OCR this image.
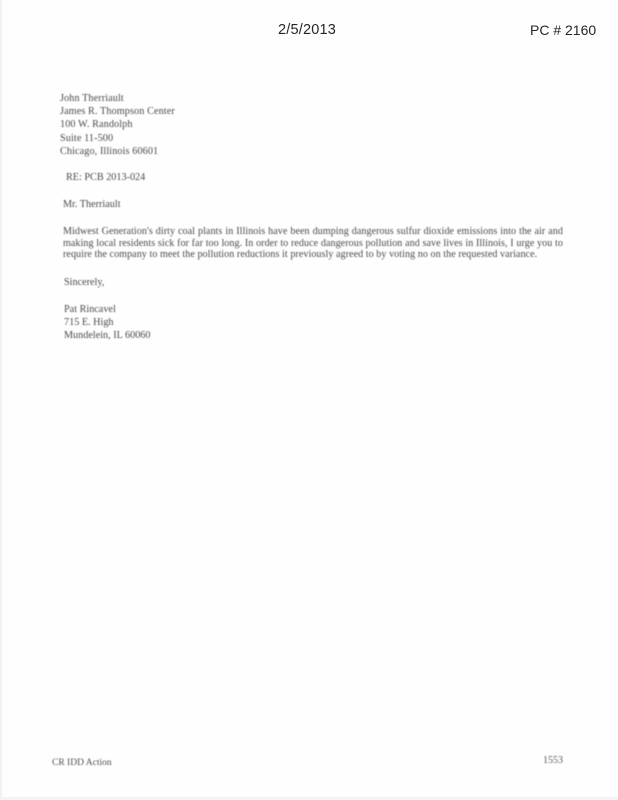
2/5/2013	PC # 2160
John Therriault
James R. Thompson Center
100 W. Randolph
Suite 11-500
Chicago, Illinois 60601
RE: PCB 2013-024
Mr. Therriault
Midwest Generation's dirty coal plants in Illinois have been dumping dangerous sulfur dioxide emissions into the air and making local residents sick for far too long. In order to reduce dangerous pollution and save lives in Illinois, I urge you to require the company to meet the pollution reductions it previously agreed to by voting no on the requested variance.
Sincerely,
Pat Rincavel
715 E. High
Mundelein, IL 60060
CR IDD Action	1553
